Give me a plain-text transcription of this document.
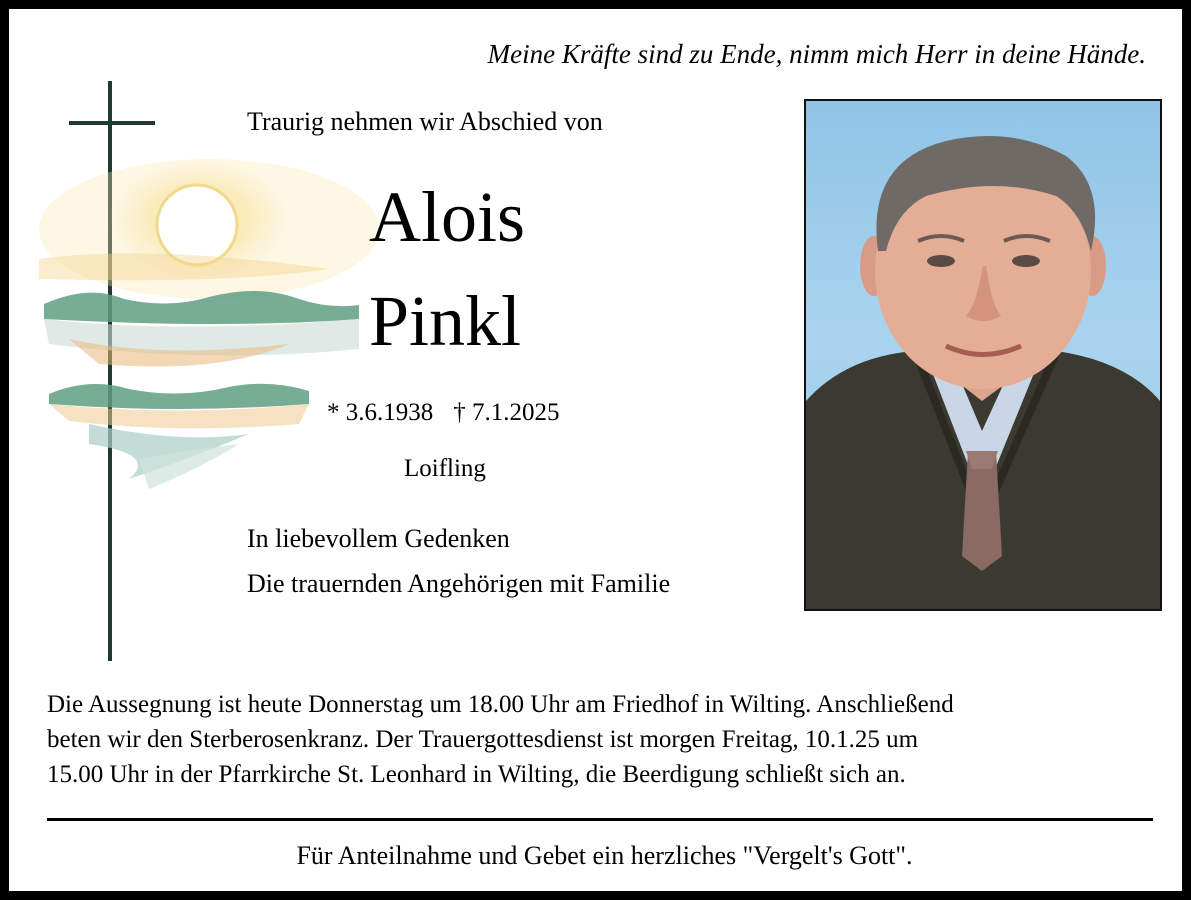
Meine Kräfte sind zu Ende, nimm mich Herr in deine Hände.
Traurig nehmen wir Abschied von
Alois
Pinkl
* 3.6.1938 † 7.1.2025
Loifling
In liebevollem Gedenken
Die trauernden Angehörigen mit Familie
Die Aussegnung ist heute Donnerstag um 18.00 Uhr am Friedhof in Wilting. Anschließend
beten wir den Sterberosenkranz. Der Trauergottesdienst ist morgen Freitag, 10.1.25 um
15.00 Uhr in der Pfarrkirche St. Leonhard in Wilting, die Beerdigung schließt sich an.
Für Anteilnahme und Gebet ein herzliches "Vergelt's Gott".
